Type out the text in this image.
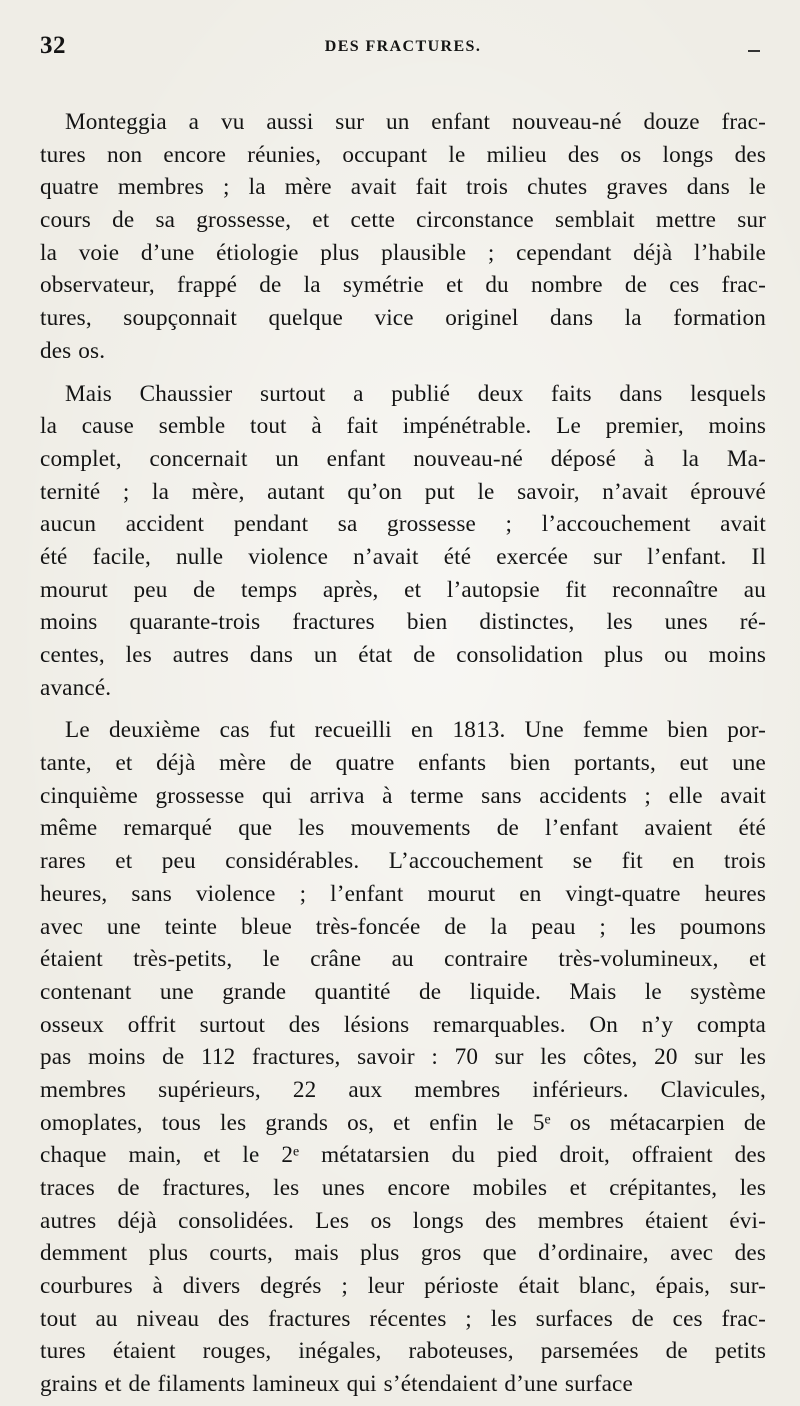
32	DES FRACTURES.
Monteggia a vu aussi sur un enfant nouveau-né douze frac-
tures non encore réunies, occupant le milieu des os longs des
quatre membres ; la mère avait fait trois chutes graves dans le
cours de sa grossesse, et cette circonstance semblait mettre sur
la voie d’une étiologie plus plausible ; cependant déjà l’habile
observateur, frappé de la symétrie et du nombre de ces frac-
tures, soupçonnait quelque vice originel dans la formation
des os.
Mais Chaussier surtout a publié deux faits dans lesquels
la cause semble tout à fait impénétrable. Le premier, moins
complet, concernait un enfant nouveau-né déposé à la Ma-
ternité ; la mère, autant qu’on put le savoir, n’avait éprouvé
aucun accident pendant sa grossesse ; l’accouchement avait
été facile, nulle violence n’avait été exercée sur l’enfant. Il
mourut peu de temps après, et l’autopsie fit reconnaître au
moins quarante-trois fractures bien distinctes, les unes ré-
centes, les autres dans un état de consolidation plus ou moins
avancé.
Le deuxième cas fut recueilli en 1813. Une femme bien por-
tante, et déjà mère de quatre enfants bien portants, eut une
cinquième grossesse qui arriva à terme sans accidents ; elle avait
même remarqué que les mouvements de l’enfant avaient été
rares et peu considérables. L’accouchement se fit en trois
heures, sans violence ; l’enfant mourut en vingt-quatre heures
avec une teinte bleue très-foncée de la peau ; les poumons
étaient très-petits, le crâne au contraire très-volumineux, et
contenant une grande quantité de liquide. Mais le système
osseux offrit surtout des lésions remarquables. On n’y compta
pas moins de 112 fractures, savoir : 70 sur les côtes, 20 sur les
membres supérieurs, 22 aux membres inférieurs. Clavicules,
omoplates, tous les grands os, et enfin le 5ᵉ os métacarpien de
chaque main, et le 2ᵉ métatarsien du pied droit, offraient des
traces de fractures, les unes encore mobiles et crépitantes, les
autres déjà consolidées. Les os longs des membres étaient évi-
demment plus courts, mais plus gros que d’ordinaire, avec des
courbures à divers degrés ; leur périoste était blanc, épais, sur-
tout au niveau des fractures récentes ; les surfaces de ces frac-
tures étaient rouges, inégales, raboteuses, parsemées de petits
grains et de filaments lamineux qui s’étendaient d’une surface
